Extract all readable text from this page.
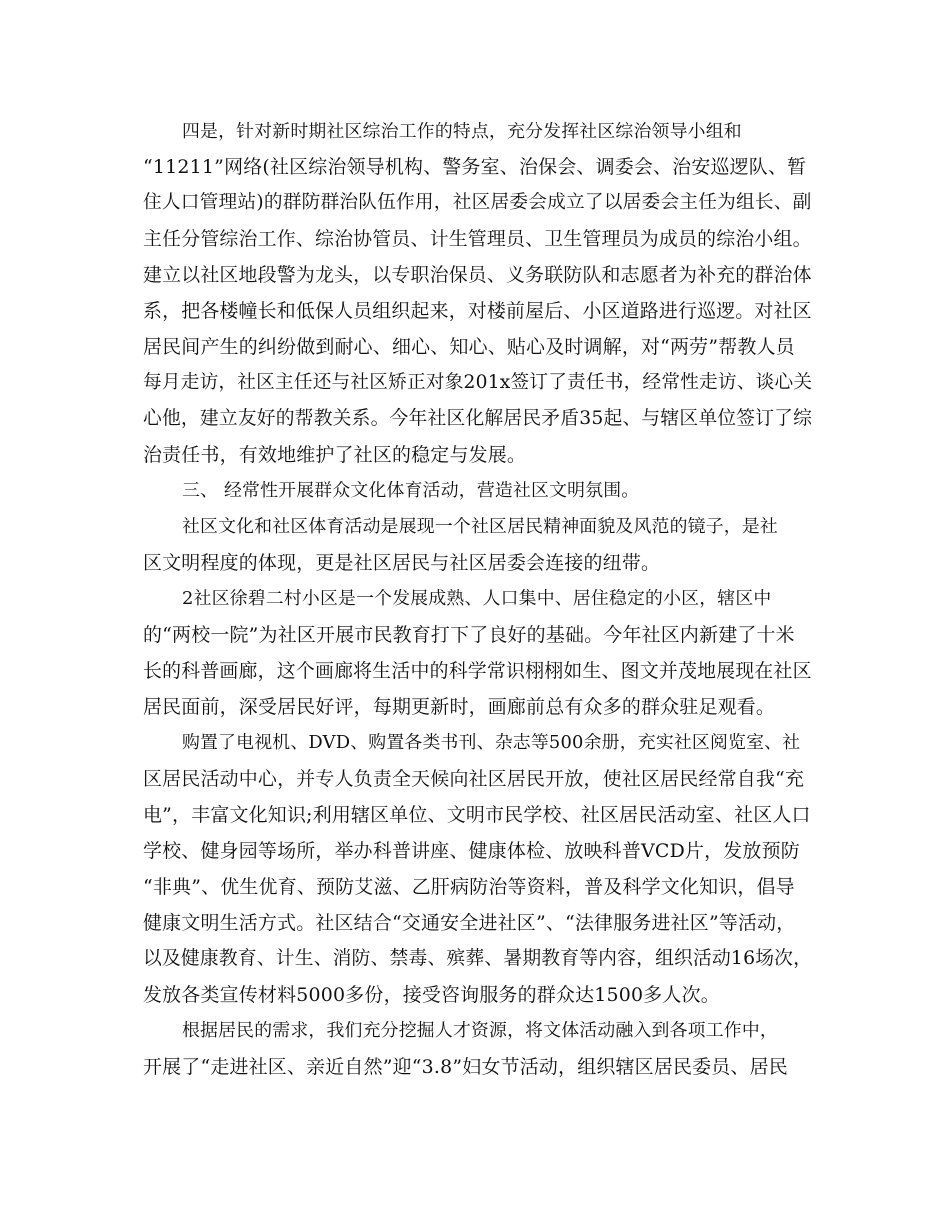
四是，针对新时期社区综治工作的特点，充分发挥社区综治领导小组和
“11211”网络(社区综治领导机构、警务室、治保会、调委会、治安巡逻队、暂
住人口管理站)的群防群治队伍作用，社区居委会成立了以居委会主任为组长、副
主任分管综治工作、综治协管员、计生管理员、卫生管理员为成员的综治小组。
建立以社区地段警为龙头，以专职治保员、义务联防队和志愿者为补充的群治体
系，把各楼幢长和低保人员组织起来，对楼前屋后、小区道路进行巡逻。对社区
居民间产生的纠纷做到耐心、细心、知心、贴心及时调解，对“两劳”帮教人员
每月走访，社区主任还与社区矫正对象201x签订了责任书，经常性走访、谈心关
心他，建立友好的帮教关系。今年社区化解居民矛盾35起、与辖区单位签订了综
治责任书，有效地维护了社区的稳定与发展。
三、 经常性开展群众文化体育活动，营造社区文明氛围。
社区文化和社区体育活动是展现一个社区居民精神面貌及风范的镜子，是社
区文明程度的体现，更是社区居民与社区居委会连接的纽带。
2社区徐碧二村小区是一个发展成熟、人口集中、居住稳定的小区，辖区中
的“两校一院”为社区开展市民教育打下了良好的基础。今年社区内新建了十米
长的科普画廊，这个画廊将生活中的科学常识栩栩如生、图文并茂地展现在社区
居民面前，深受居民好评，每期更新时，画廊前总有众多的群众驻足观看。
购置了电视机、DVD、购置各类书刊、杂志等500余册，充实社区阅览室、社
区居民活动中心，并专人负责全天候向社区居民开放，使社区居民经常自我“充
电”，丰富文化知识;利用辖区单位、文明市民学校、社区居民活动室、社区人口
学校、健身园等场所，举办科普讲座、健康体检、放映科普VCD片，发放预防
“非典”、优生优育、预防艾滋、乙肝病防治等资料，普及科学文化知识，倡导
健康文明生活方式。社区结合“交通安全进社区”、“法律服务进社区”等活动，
以及健康教育、计生、消防、禁毒、殡葬、暑期教育等内容，组织活动16场次，
发放各类宣传材料5000多份，接受咨询服务的群众达1500多人次。
根据居民的需求，我们充分挖掘人才资源，将文体活动融入到各项工作中，
开展了“走进社区、亲近自然”迎“3.8”妇女节活动，组织辖区居民委员、居民
